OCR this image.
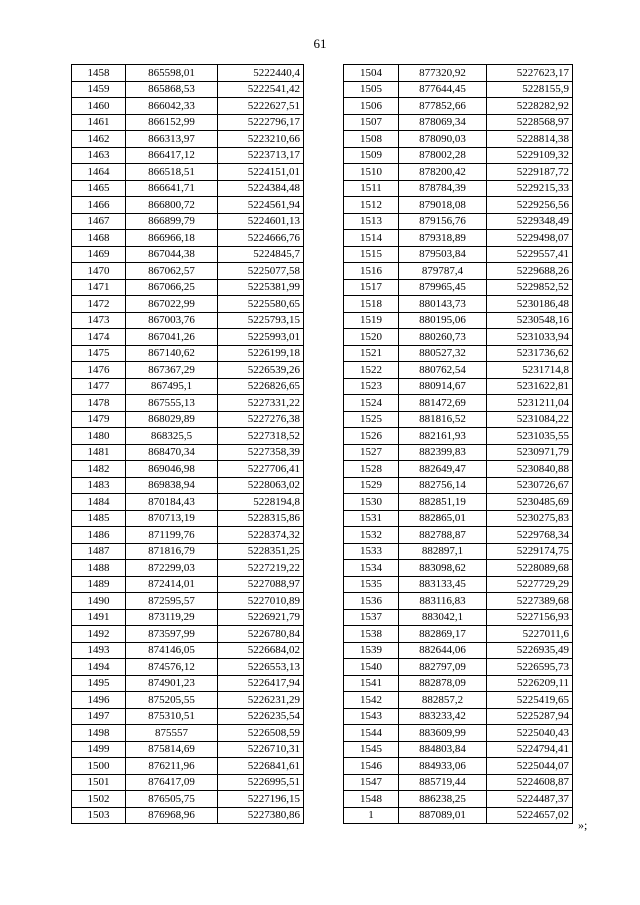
61
1458	865598,01	5222440,4
1459	865868,53	5222541,42
1460	866042,33	5222627,51
1461	866152,99	5222796,17
1462	866313,97	5223210,66
1463	866417,12	5223713,17
1464	866518,51	5224151,01
1465	866641,71	5224384,48
1466	866800,72	5224561,94
1467	866899,79	5224601,13
1468	866966,18	5224666,76
1469	867044,38	5224845,7
1470	867062,57	5225077,58
1471	867066,25	5225381,99
1472	867022,99	5225580,65
1473	867003,76	5225793,15
1474	867041,26	5225993,01
1475	867140,62	5226199,18
1476	867367,29	5226539,26
1477	867495,1	5226826,65
1478	867555,13	5227331,22
1479	868029,89	5227276,38
1480	868325,5	5227318,52
1481	868470,34	5227358,39
1482	869046,98	5227706,41
1483	869838,94	5228063,02
1484	870184,43	5228194,8
1485	870713,19	5228315,86
1486	871199,76	5228374,32
1487	871816,79	5228351,25
1488	872299,03	5227219,22
1489	872414,01	5227088,97
1490	872595,57	5227010,89
1491	873119,29	5226921,79
1492	873597,99	5226780,84
1493	874146,05	5226684,02
1494	874576,12	5226553,13
1495	874901,23	5226417,94
1496	875205,55	5226231,29
1497	875310,51	5226235,54
1498	875557	5226508,59
1499	875814,69	5226710,31
1500	876211,96	5226841,61
1501	876417,09	5226995,51
1502	876505,75	5227196,15
1503	876968,96	5227380,86
1504	877320,92	5227623,17
1505	877644,45	5228155,9
1506	877852,66	5228282,92
1507	878069,34	5228568,97
1508	878090,03	5228814,38
1509	878002,28	5229109,32
1510	878200,42	5229187,72
1511	878784,39	5229215,33
1512	879018,08	5229256,56
1513	879156,76	5229348,49
1514	879318,89	5229498,07
1515	879503,84	5229557,41
1516	879787,4	5229688,26
1517	879965,45	5229852,52
1518	880143,73	5230186,48
1519	880195,06	5230548,16
1520	880260,73	5231033,94
1521	880527,32	5231736,62
1522	880762,54	5231714,8
1523	880914,67	5231622,81
1524	881472,69	5231211,04
1525	881816,52	5231084,22
1526	882161,93	5231035,55
1527	882399,83	5230971,79
1528	882649,47	5230840,88
1529	882756,14	5230726,67
1530	882851,19	5230485,69
1531	882865,01	5230275,83
1532	882788,87	5229768,34
1533	882897,1	5229174,75
1534	883098,62	5228089,68
1535	883133,45	5227729,29
1536	883116,83	5227389,68
1537	883042,1	5227156,93
1538	882869,17	5227011,6
1539	882644,06	5226935,49
1540	882797,09	5226595,73
1541	882878,09	5226209,11
1542	882857,2	5225419,65
1543	883233,42	5225287,94
1544	883609,99	5225040,43
1545	884803,84	5224794,41
1546	884933,06	5225044,07
1547	885719,44	5224608,87
1548	886238,25	5224487,37
1	887089,01	5224657,02
»;
